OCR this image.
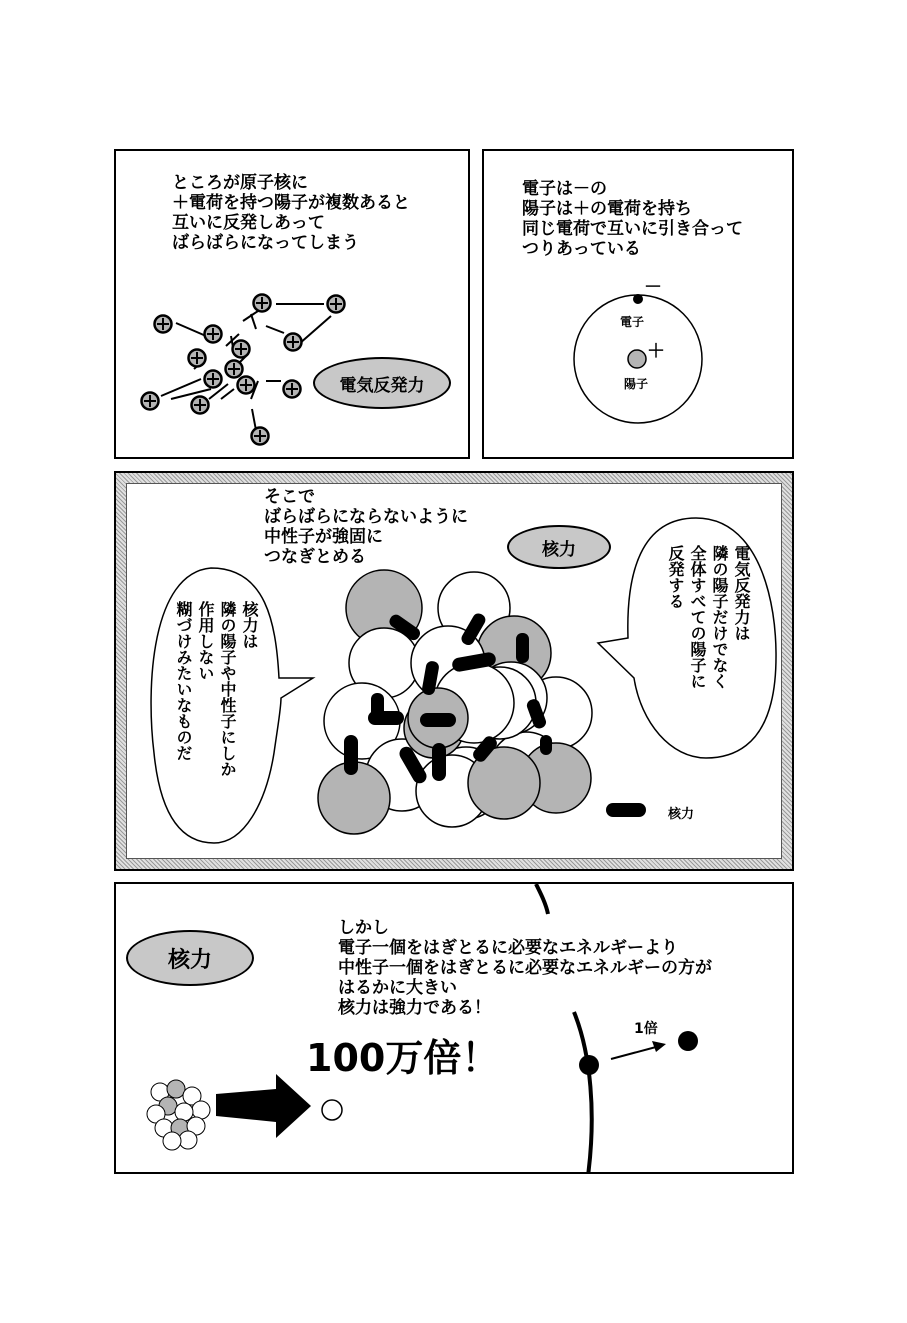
ところが原子核に
＋電荷を持つ陽子が複数あると
互いに反発しあって
ばらばらになってしまう
電気反発力
電子は－の
陽子は＋の電荷を持ち
同じ電荷で互いに引き合って
つりあっている
－
電子
＋
陽子
そこで
ばらばらにならないように
中性子が強固に
つなぎとめる	核力
核力は
隣の陽子や中性子にしか
作用しない
糊づけみたいなものだ
電気反発力は
隣の陽子だけでなく
全体すべての陽子に
反発する
核力
核力
しかし
電子一個をはぎとるに必要なエネルギーより
中性子一個をはぎとるに必要なエネルギーの方が
はるかに大きい
核力は強力である！
100万倍！
1倍
